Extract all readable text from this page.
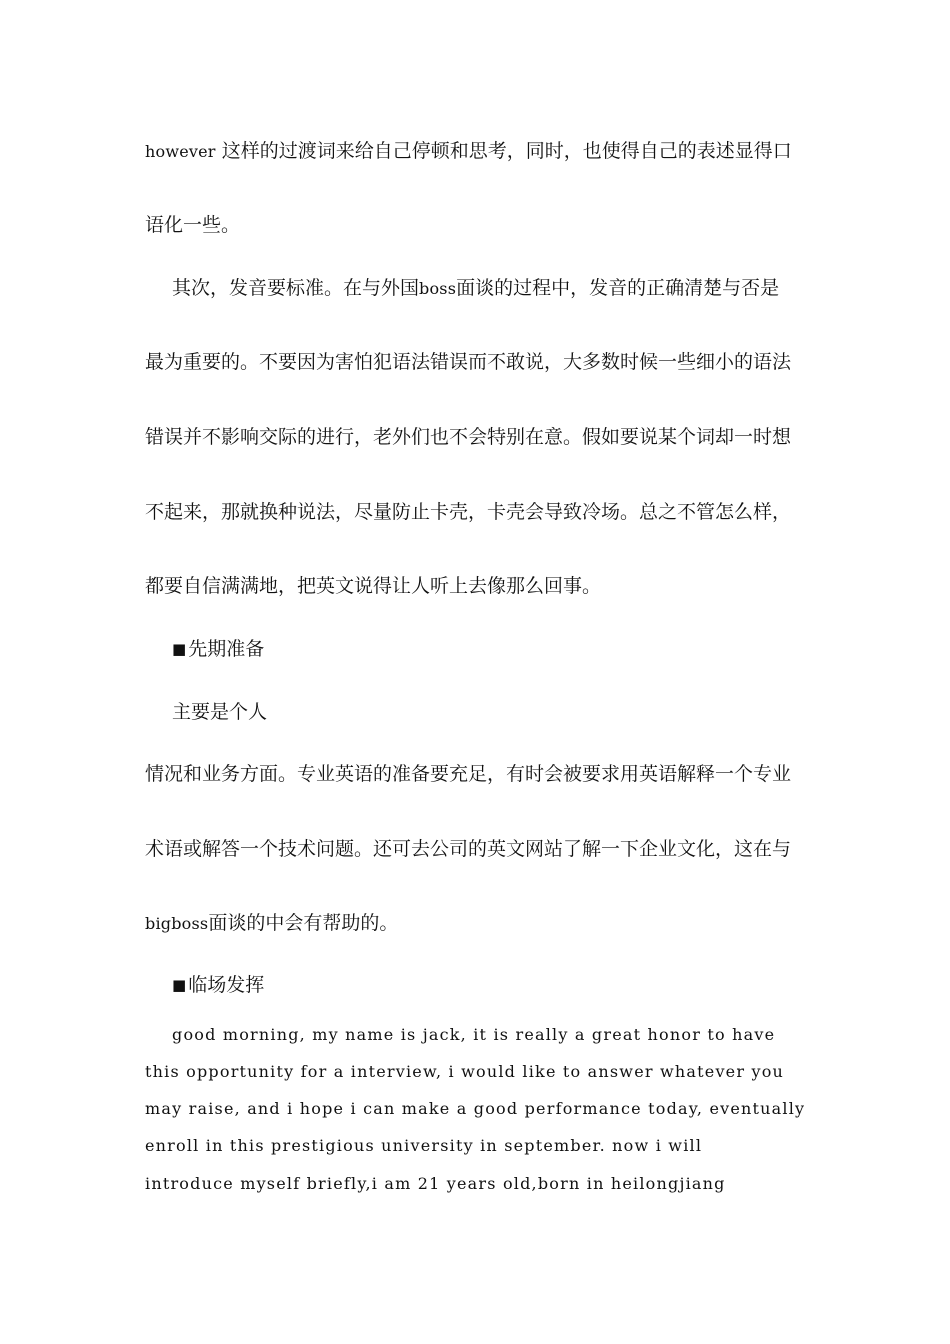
however 这样的过渡词来给自己停顿和思考，同时，也使得自己的表述显得口
语化一些。
其次，发音要标准。在与外国boss面谈的过程中，发音的正确清楚与否是
最为重要的。不要因为害怕犯语法错误而不敢说，大多数时候一些细小的语法
错误并不影响交际的进行，老外们也不会特别在意。假如要说某个词却一时想
不起来，那就换种说法，尽量防止卡壳，卡壳会导致冷场。总之不管怎么样，
都要自信满满地，把英文说得让人听上去像那么回事。
■ 先期准备
主要是个人
情况和业务方面。专业英语的准备要充足，有时会被要求用英语解释一个专业
术语或解答一个技术问题。还可去公司的英文网站了解一下企业文化，这在与
bigboss面谈的中会有帮助的。
■ 临场发挥
good morning, my name is jack, it is really a great honor to have
this opportunity for a interview, i would like to answer whatever you
may raise, and i hope i can make a good performance today, eventually
enroll in this prestigious university in september. now i will
introduce myself briefly,i am 21 years old,born in heilongjiang
